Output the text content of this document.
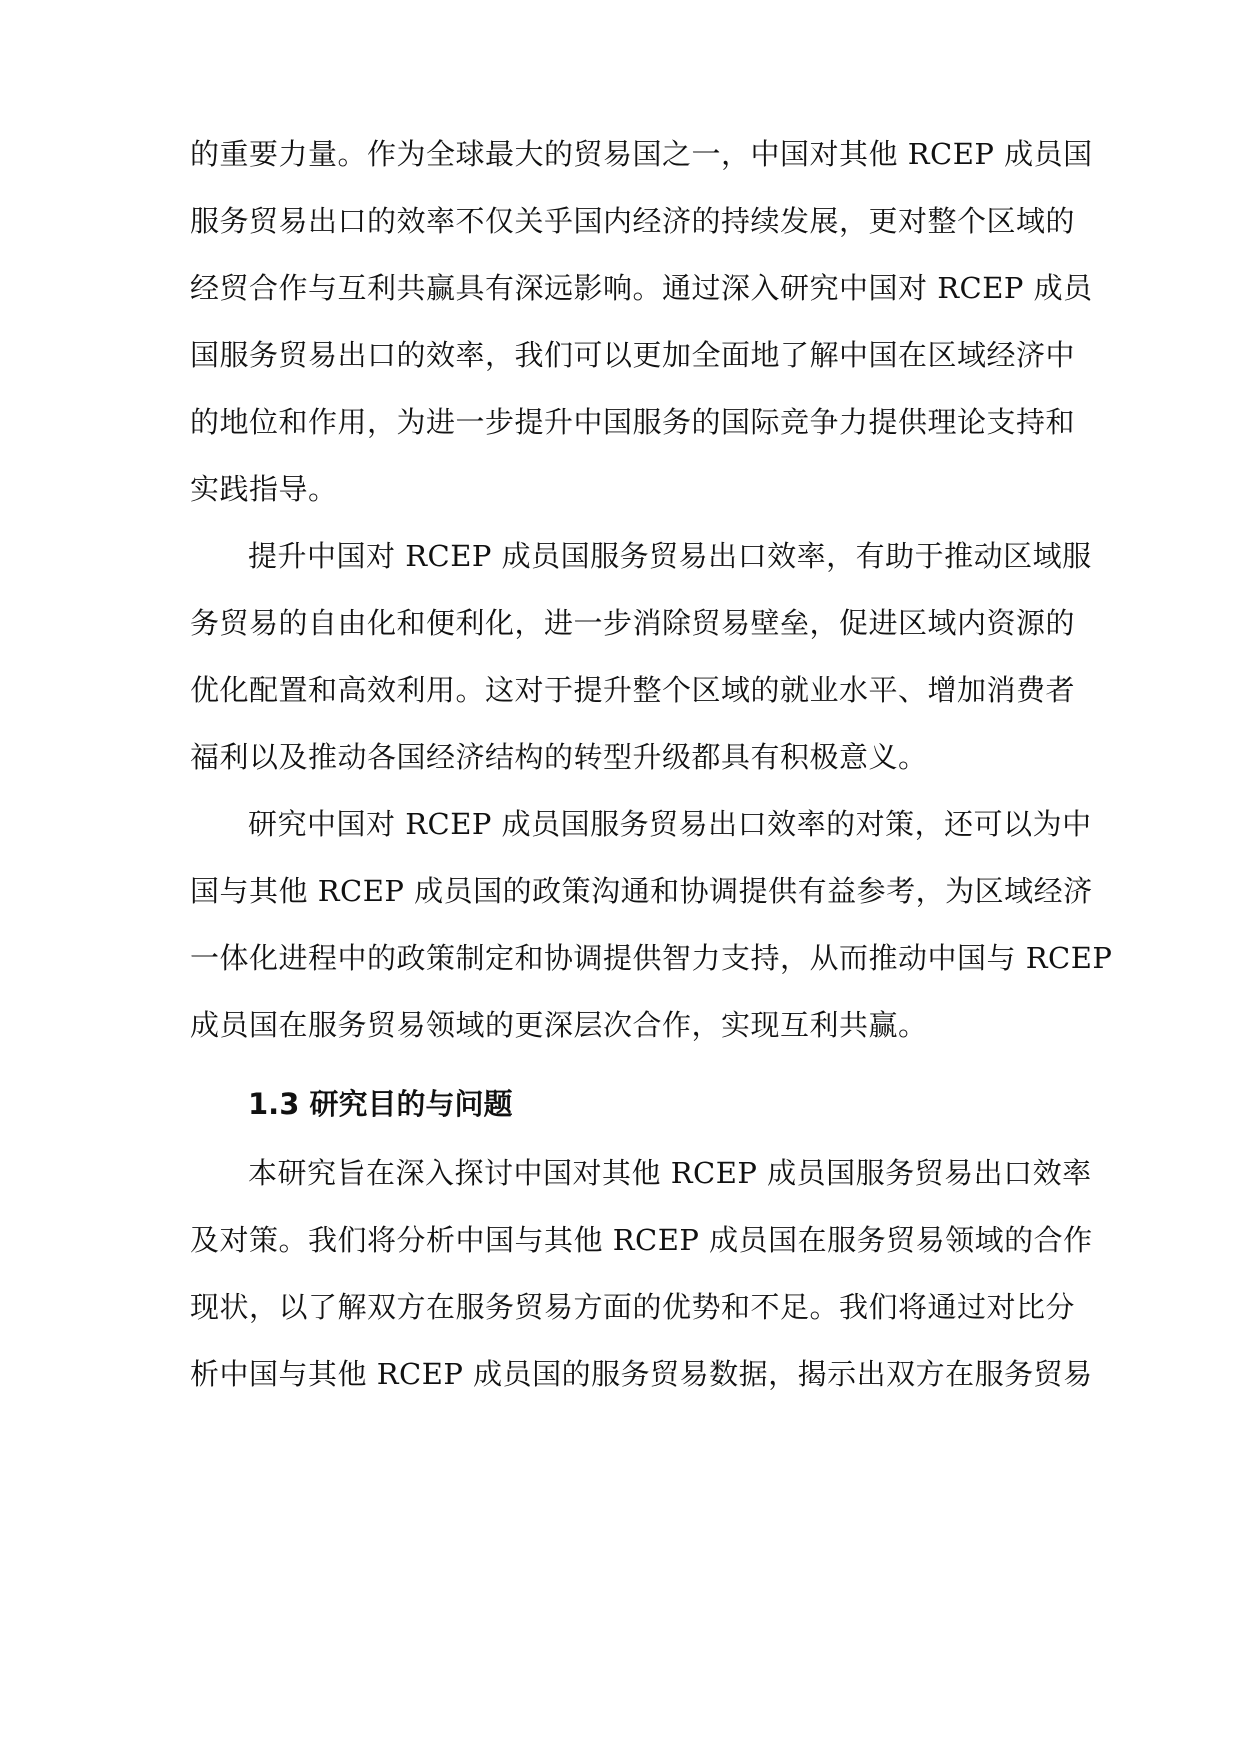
的重要力量。作为全球最大的贸易国之一，中国对其他 RCEP 成员国
服务贸易出口的效率不仅关乎国内经济的持续发展，更对整个区域的
经贸合作与互利共赢具有深远影响。通过深入研究中国对 RCEP 成员
国服务贸易出口的效率，我们可以更加全面地了解中国在区域经济中
的地位和作用，为进一步提升中国服务的国际竞争力提供理论支持和
实践指导。
提升中国对 RCEP 成员国服务贸易出口效率，有助于推动区域服
务贸易的自由化和便利化，进一步消除贸易壁垒，促进区域内资源的
优化配置和高效利用。这对于提升整个区域的就业水平、增加消费者
福利以及推动各国经济结构的转型升级都具有积极意义。
研究中国对 RCEP 成员国服务贸易出口效率的对策，还可以为中
国与其他 RCEP 成员国的政策沟通和协调提供有益参考，为区域经济
一体化进程中的政策制定和协调提供智力支持，从而推动中国与 RCEP
成员国在服务贸易领域的更深层次合作，实现互利共赢。
1.3 研究目的与问题
本研究旨在深入探讨中国对其他 RCEP 成员国服务贸易出口效率
及对策。我们将分析中国与其他 RCEP 成员国在服务贸易领域的合作
现状，以了解双方在服务贸易方面的优势和不足。我们将通过对比分
析中国与其他 RCEP 成员国的服务贸易数据，揭示出双方在服务贸易
